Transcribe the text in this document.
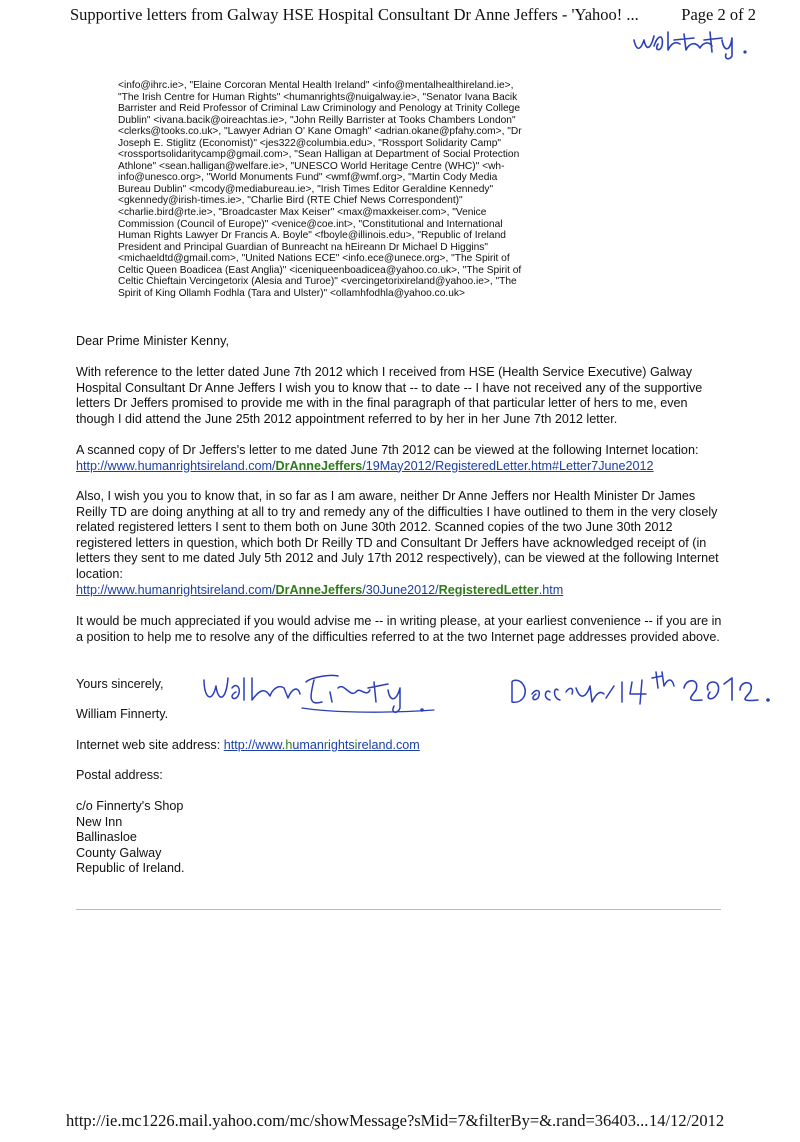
Supportive letters from Galway HSE Hospital Consultant Dr Anne Jeffers - 'Yahoo! ...	Page 2 of 2
<info@ihrc.ie>, "Elaine Corcoran Mental Health Ireland" <info@mentalhealthireland.ie>,
"The Irish Centre for Human Rights" <humanrights@nuigalway.ie>, "Senator Ivana Bacik
Barrister and Reid Professor of Criminal Law Criminology and Penology at Trinity College
Dublin" <ivana.bacik@oireachtas.ie>, "John Reilly Barrister at Tooks Chambers London"
<clerks@tooks.co.uk>, "Lawyer Adrian O' Kane Omagh" <adrian.okane@pfahy.com>, "Dr
Joseph E. Stiglitz (Economist)" <jes322@columbia.edu>, "Rossport Solidarity Camp"
<rossportsolidaritycamp@gmail.com>, "Sean Halligan at Department of Social Protection
Athlone" <sean.halligan@welfare.ie>, "UNESCO World Heritage Centre (WHC)" <wh-
info@unesco.org>, "World Monuments Fund" <wmf@wmf.org>, "Martin Cody Media
Bureau Dublin" <mcody@mediabureau.ie>, "Irish Times Editor Geraldine Kennedy"
<gkennedy@irish-times.ie>, "Charlie Bird (RTE Chief News Correspondent)"
<charlie.bird@rte.ie>, "Broadcaster Max Keiser" <max@maxkeiser.com>, "Venice
Commission (Council of Europe)" <venice@coe.int>, "Constitutional and International
Human Rights Lawyer Dr Francis A. Boyle" <fboyle@illinois.edu>, "Republic of Ireland
President and Principal Guardian of Bunreacht na hEireann Dr Michael D Higgins"
<michaeldtd@gmail.com>, "United Nations ECE" <info.ece@unece.org>, "The Spirit of
Celtic Queen Boadicea (East Anglia)" <iceniqueenboadicea@yahoo.co.uk>, "The Spirit of
Celtic Chieftain Vercingetorix (Alesia and Turoe)" <vercingetorixireland@yahoo.ie>, "The
Spirit of King Ollamh Fodhla (Tara and Ulster)" <ollamhfodhla@yahoo.co.uk>
Dear Prime Minister Kenny,
With reference to the letter dated June 7th 2012 which I received from HSE (Health Service Executive) Galway Hospital Consultant Dr Anne Jeffers I wish you to know that -- to date -- I have not received any of the supportive letters Dr Jeffers promised to provide me with in the final paragraph of that particular letter of hers to me, even though I did attend the June 25th 2012 appointment referred to by her in her June 7th 2012 letter.
A scanned copy of Dr Jeffers's letter to me dated June 7th 2012 can be viewed at the following Internet location:
http://www.humanrightsireland.com/DrAnneJeffers/19May2012/RegisteredLetter.htm#Letter7June2012
Also, I wish you you to know that, in so far as I am aware, neither Dr Anne Jeffers nor Health Minister Dr James Reilly TD are doing anything at all to try and remedy any of the difficulties I have outlined to them in the very closely related registered letters I sent to them both on June 30th 2012. Scanned copies of the two June 30th 2012 registered letters in question, which both Dr Reilly TD and Consultant Dr Jeffers have acknowledged receipt of (in letters they sent to me dated July 5th 2012 and July 17th 2012 respectively), can be viewed at the following Internet location:
http://www.humanrightsireland.com/DrAnneJeffers/30June2012/RegisteredLetter.htm
It would be much appreciated if you would advise me -- in writing please, at your earliest convenience -- if you are in a position to help me to resolve any of the difficulties referred to at the two Internet page addresses provided above.
Yours sincerely,
William Finnerty.
Internet web site address: http://www.humanrightsireland.com
Postal address:
c/o Finnerty's Shop
New Inn
Ballinasloe
County Galway
Republic of Ireland.
http://ie.mc1226.mail.yahoo.com/mc/showMessage?sMid=7&filterBy=&.rand=36403... 14/12/2012
